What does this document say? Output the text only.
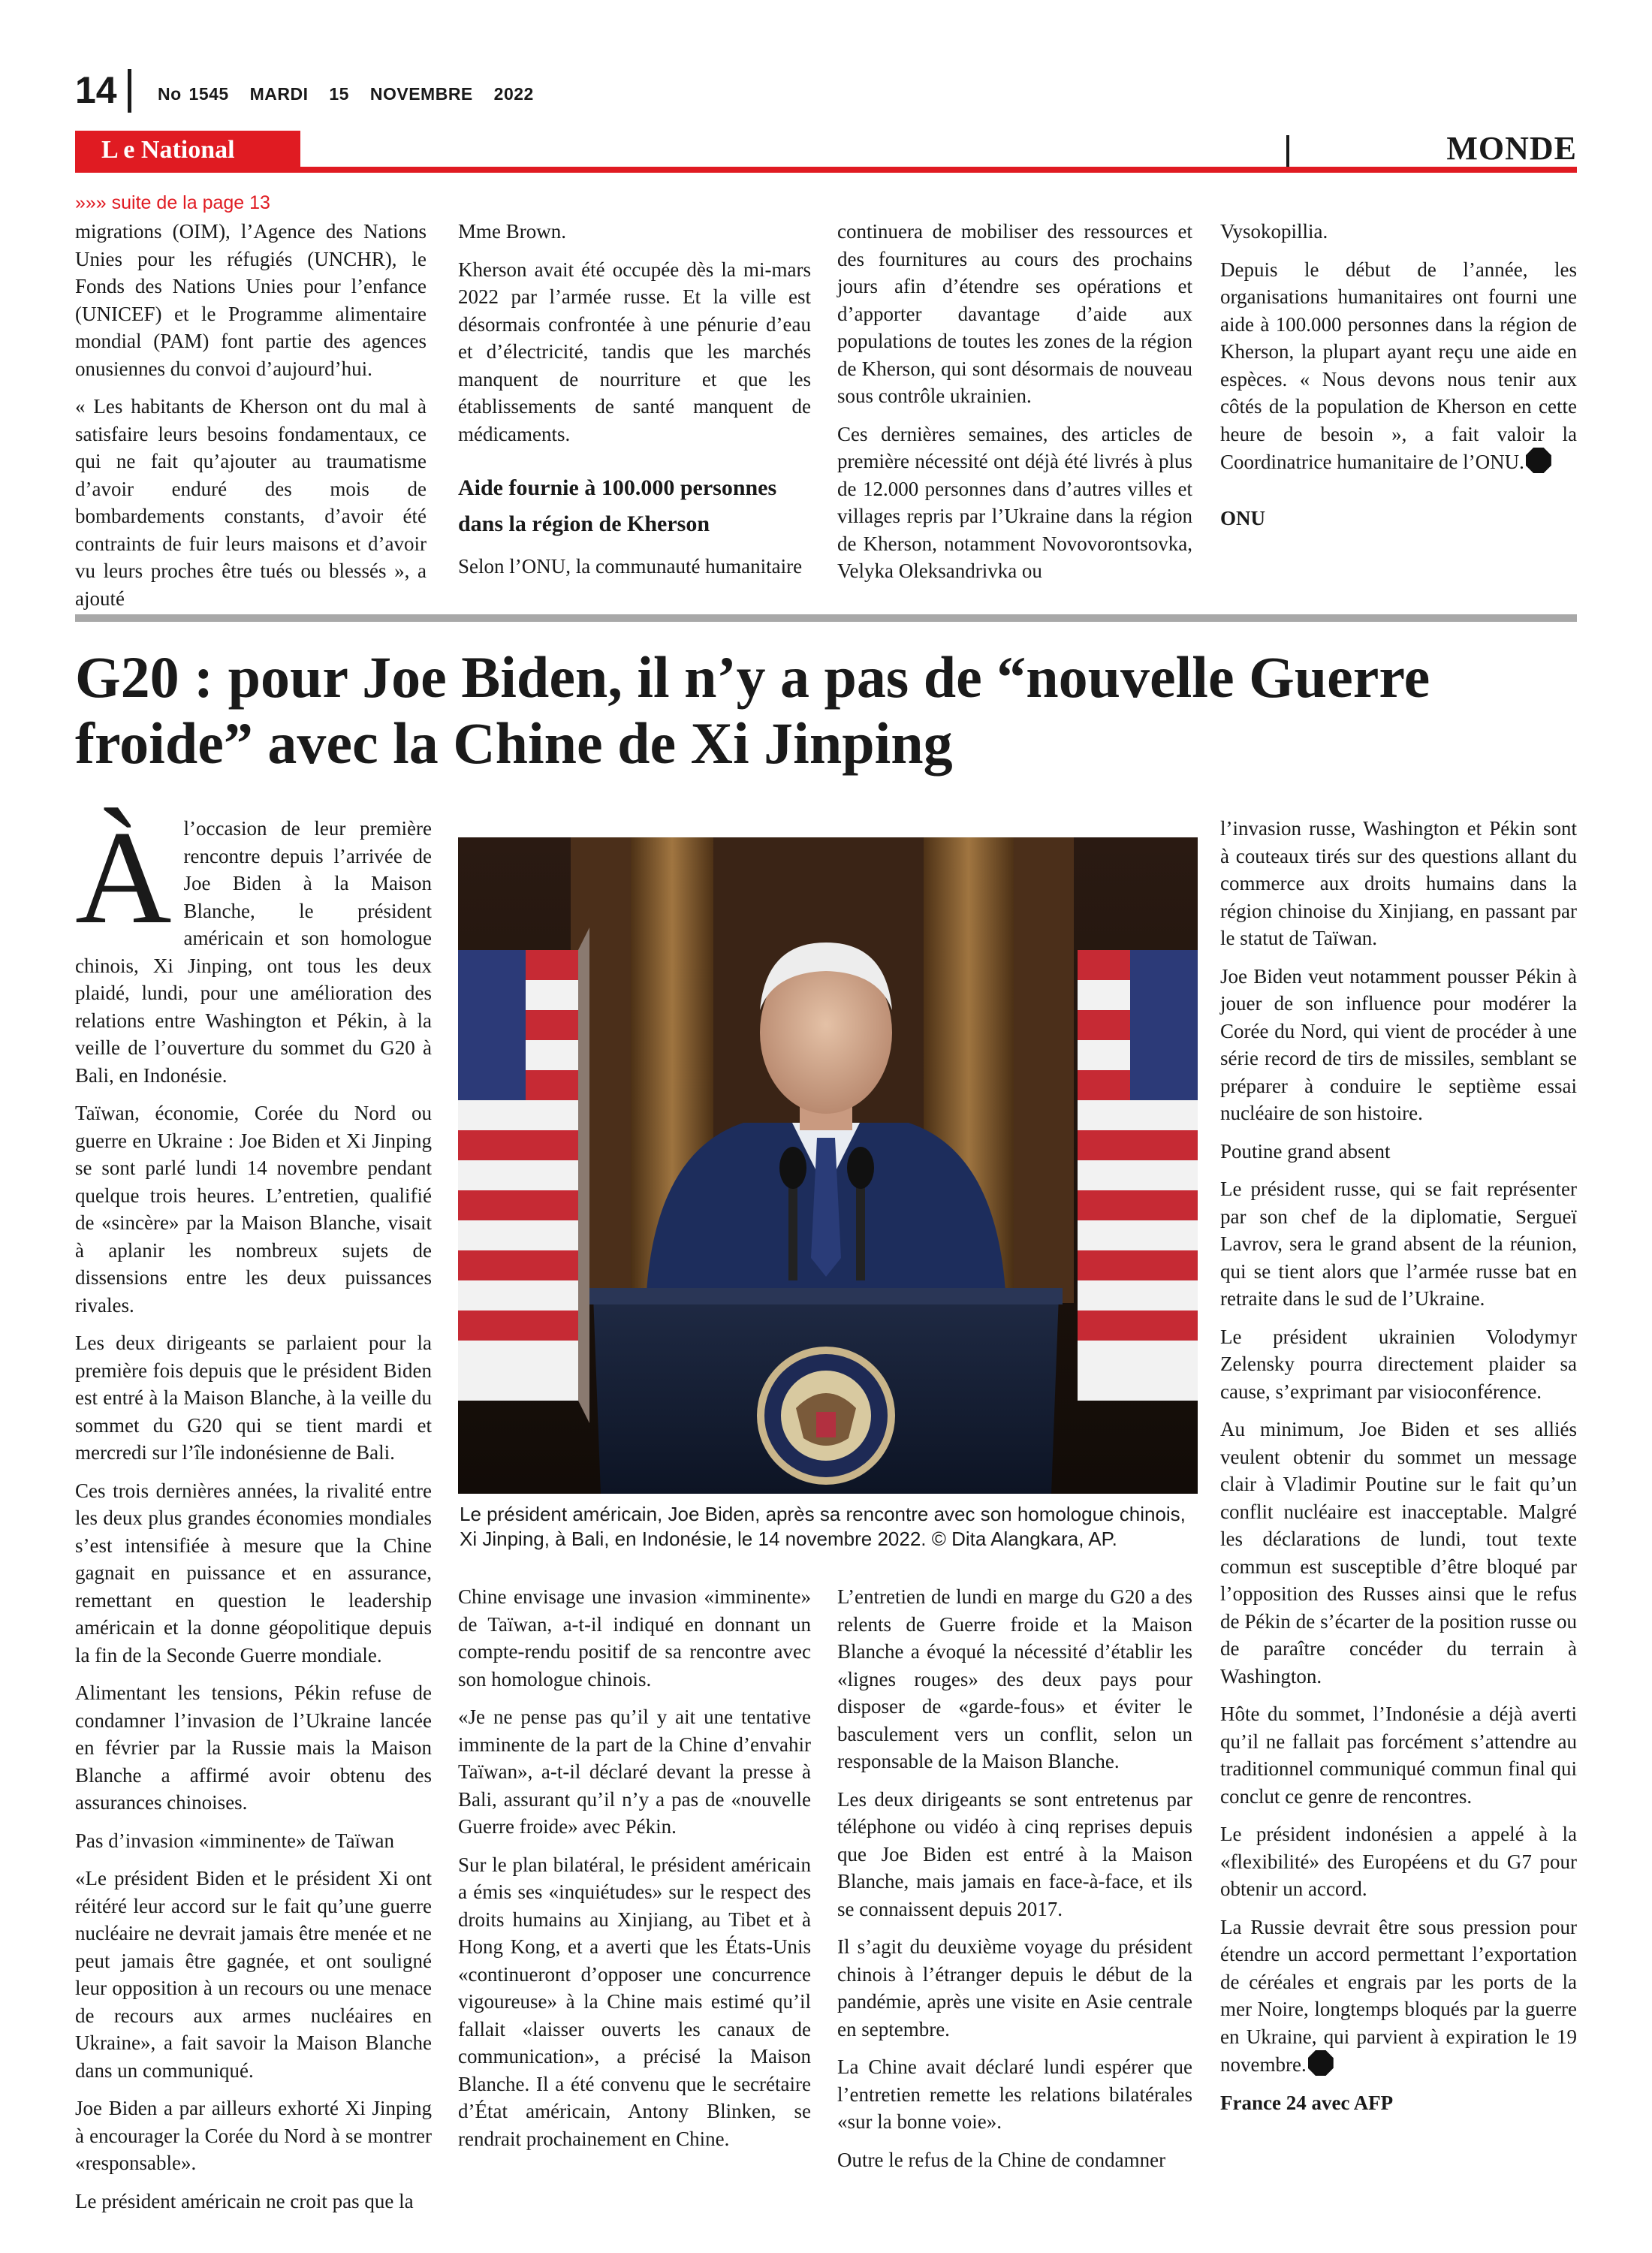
14 No 1545 MARDI 15 NOVEMBRE 2022
L e National	MONDE
»»» suite de la page 13

migrations (OIM), l’Agence des Nations Unies pour les réfugiés (UNCHR), le Fonds des Nations Unies pour l’enfance (UNICEF) et le Programme alimentaire mondial (PAM) font partie des agences onusiennes du convoi d’aujourd’hui.

« Les habitants de Kherson ont du mal à satisfaire leurs besoins fondamentaux, ce qui ne fait qu’ajouter au traumatisme d’avoir enduré des mois de bombardements constants, d’avoir été contraints de fuir leurs maisons et d’avoir vu leurs proches être tués ou blessés », a ajouté

Mme Brown.

Kherson avait été occupée dès la mi-mars 2022 par l’armée russe. Et la ville est désormais confrontée à une pénurie d’eau et d’électricité, tandis que les marchés manquent de nourriture et que les établissements de santé manquent de médicaments.

Aide fournie à 100.000 personnes dans la région de Kherson

Selon l’ONU, la communauté humanitaire

continuera de mobiliser des ressources et des fournitures au cours des prochains jours afin d’étendre ses opérations et d’apporter davantage d’aide aux populations de toutes les zones de la région de Kherson, qui sont désormais de nouveau sous contrôle ukrainien.

Ces dernières semaines, des articles de première nécessité ont déjà été livrés à plus de 12.000 personnes dans d’autres villes et villages repris par l’Ukraine dans la région de Kherson, notamment Novovorontsovka, Velyka Oleksandrivka ou

Vysokopillia.

Depuis le début de l’année, les organisations humanitaires ont fourni une aide à 100.000 personnes dans la région de Kherson, la plupart ayant reçu une aide en espèces. « Nous devons nous tenir aux côtés de la population de Kherson en cette heure de besoin », a fait valoir la Coordinatrice humanitaire de l’ONU.

ONU

G20 : pour Joe Biden, il n’y a pas de “nouvelle Guerre froide” avec la Chine de Xi Jinping

Àl’occasion de leur première rencontre depuis l’arrivée de Joe Biden à la Maison Blanche, le président américain et son homologue chinois, Xi Jinping, ont tous les deux plaidé, lundi, pour une amélioration des relations entre Washington et Pékin, à la veille de l’ouverture du sommet du G20 à Bali, en Indonésie.

Taïwan, économie, Corée du Nord ou guerre en Ukraine : Joe Biden et Xi Jinping se sont parlé lundi 14 novembre pendant quelque trois heures. L’entretien, qualifié de «sincère» par la Maison Blanche, visait à aplanir les nombreux sujets de dissensions entre les deux puissances rivales.

Les deux dirigeants se parlaient pour la première fois depuis que le président Biden est entré à la Maison Blanche, à la veille du sommet du G20 qui se tient mardi et mercredi sur l’île indonésienne de Bali.

Ces trois dernières années, la rivalité entre les deux plus grandes économies mondiales s’est intensifiée à mesure que la Chine gagnait en puissance et en assurance, remettant en question le leadership américain et la donne géopolitique depuis la fin de la Seconde Guerre mondiale.

Alimentant les tensions, Pékin refuse de condamner l’invasion de l’Ukraine lancée en février par la Russie mais la Maison Blanche a affirmé avoir obtenu des assurances chinoises.

Pas d’invasion «imminente» de Taïwan

«Le président Biden et le président Xi ont réitéré leur accord sur le fait qu’une guerre nucléaire ne devrait jamais être menée et ne peut jamais être gagnée, et ont souligné leur opposition à un recours ou une menace de recours aux armes nucléaires en Ukraine», a fait savoir la Maison Blanche dans un communiqué.

Joe Biden a par ailleurs exhorté Xi Jinping à encourager la Corée du Nord à se montrer «responsable».

Le président américain ne croit pas que la

Le président américain, Joe Biden, après sa rencontre avec son homologue chinois, Xi Jinping, à Bali, en Indonésie, le 14 novembre 2022. © Dita Alangkara, AP.

Chine envisage une invasion «imminente» de Taïwan, a-t-il indiqué en donnant un compte-rendu positif de sa rencontre avec son homologue chinois.

«Je ne pense pas qu’il y ait une tentative imminente de la part de la Chine d’envahir Taïwan», a-t-il déclaré devant la presse à Bali, assurant qu’il n’y a pas de «nouvelle Guerre froide» avec Pékin.

Sur le plan bilatéral, le président américain a émis ses «inquiétudes» sur le respect des droits humains au Xinjiang, au Tibet et à Hong Kong, et a averti que les États-Unis «continueront d’opposer une concurrence vigoureuse» à la Chine mais estimé qu’il fallait «laisser ouverts les canaux de communication», a précisé la Maison Blanche. Il a été convenu que le secrétaire d’État américain, Antony Blinken, se rendrait prochainement en Chine.

L’entretien de lundi en marge du G20 a des relents de Guerre froide et la Maison Blanche a évoqué la nécessité d’établir les «lignes rouges» des deux pays pour disposer de «garde-fous» et éviter le basculement vers un conflit, selon un responsable de la Maison Blanche.

Les deux dirigeants se sont entretenus par téléphone ou vidéo à cinq reprises depuis que Joe Biden est entré à la Maison Blanche, mais jamais en face-à-face, et ils se connaissent depuis 2017.

Il s’agit du deuxième voyage du président chinois à l’étranger depuis le début de la pandémie, après une visite en Asie centrale en septembre.

La Chine avait déclaré lundi espérer que l’entretien remette les relations bilatérales «sur la bonne voie».

Outre le refus de la Chine de condamner

l’invasion russe, Washington et Pékin sont à couteaux tirés sur des questions allant du commerce aux droits humains dans la région chinoise du Xinjiang, en passant par le statut de Taïwan.

Joe Biden veut notamment pousser Pékin à jouer de son influence pour modérer la Corée du Nord, qui vient de procéder à une série record de tirs de missiles, semblant se préparer à conduire le septième essai nucléaire de son histoire.

Poutine grand absent

Le président russe, qui se fait représenter par son chef de la diplomatie, Sergueï Lavrov, sera le grand absent de la réunion, qui se tient alors que l’armée russe bat en retraite dans le sud de l’Ukraine.

Le président ukrainien Volodymyr Zelensky pourra directement plaider sa cause, s’exprimant par visioconférence.

Au minimum, Joe Biden et ses alliés veulent obtenir du sommet un message clair à Vladimir Poutine sur le fait qu’un conflit nucléaire est inacceptable. Malgré les déclarations de lundi, tout texte commun est susceptible d’être bloqué par l’opposition des Russes ainsi que le refus de Pékin de s’écarter de la position russe ou de paraître concéder du terrain à Washington.

Hôte du sommet, l’Indonésie a déjà averti qu’il ne fallait pas forcément s’attendre au traditionnel communiqué commun final qui conclut ce genre de rencontres.

Le président indonésien a appelé à la «flexibilité» des Européens et du G7 pour obtenir un accord.

La Russie devrait être sous pression pour étendre un accord permettant l’exportation de céréales et engrais par les ports de la mer Noire, longtemps bloqués par la guerre en Ukraine, qui parvient à expiration le 19 novembre.

France 24 avec AFP
